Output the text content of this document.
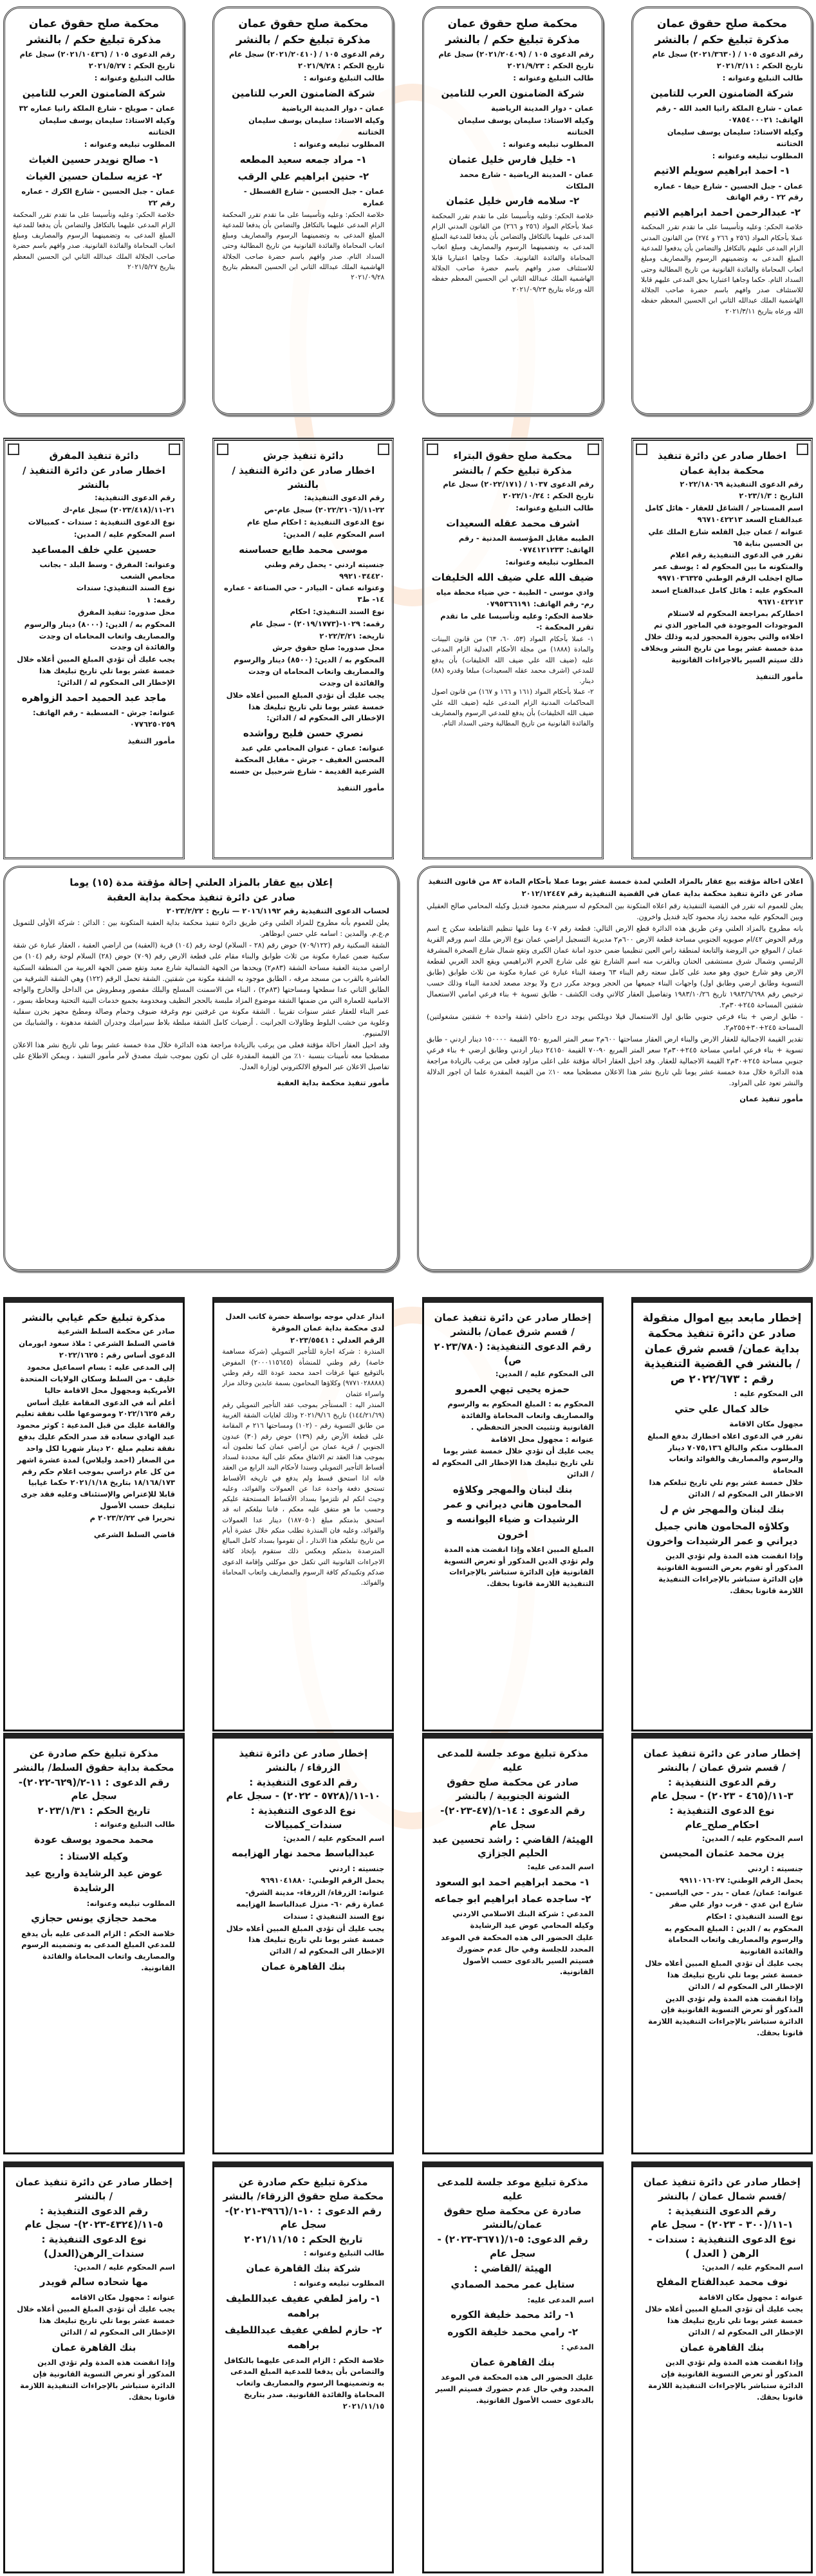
محكمة صلح حقوق عمان
مذكرة تبليغ حكم / بالنشر
رقم الدعوى ١٠٥ / (٢٠٢١/٣٦٣٠) سجل عام
تاريخ الحكم : ٢٠٢١/٣/١١
طالب التبليغ وعنوانه :
شركة الضامنون العرب للتامين
عمان - شارع الملكة رانيا العبد الله - رقم الهاتف: ٠٧٨٥٤٠٠٠٢١
وكيله الاستاذ: سليمان يوسف سليمان الختاتنه
المطلوب تبليغه وعنوانه :
١- احمد ابراهيم سويلم الاتيم
عمان - جبل الحسين - شارع حيفا - عماره رقم ٢٢ - رقم الهاتف
٢- عبدالرحمن احمد ابراهيم الاتيم
خلاصة الحكم: وعليه وتأسيسا على ما تقدم تقرر المحكمة عملا بأحكام المواد (٢٥٦ و ٢٦٦ و ٢٧٤) من القانون المدني الزام المدعى عليهم بالتكافل والتضامن بأن يدفعوا للمدعية المبلغ المدعى به وتضمينهم الرسوم والمصاريف ومبلغ اتعاب المحاماة والفائدة القانونية من تاريخ المطالبة وحتى السداد التام. حكما وجاهيا اعتباريا بحق المدعى عليهم قابلا للاستئناف صدر وافهم باسم حضرة صاحب الجلالة الهاشمية الملك عبدالله الثاني ابن الحسين المعظم حفظه الله ورعاه بتاريخ ٢٠٢١/٣/١١
محكمة صلح حقوق عمان
مذكرة تبليغ حكم / بالنشر
رقم الدعوى ١٠٥ / (٢٠٢١/٢٠٤٠٩) سجل عام
تاريخ الحكم : ٢٠٢١/٩/٢٣
طالب التبليغ وعنوانه :
شركة الضامنون العرب للتامين
عمان - دوار المدينة الرياضية
وكيله الاستاذ: سليمان يوسف سليمان الختاتنه
المطلوب تبليغه وعنوانه :
١- خليل فارس خليل عثمان
عمان - المدينة الرياضية - شارع محمد الملكاث
٢- سلامه فارس خليل عثمان
خلاصة الحكم: وعليه وتأسيسا على ما تقدم تقرر المحكمة عملا بأحكام المواد (٢٥٦ و ٢٦٦) من القانون المدني الزام المدعى عليهما بالتكافل والتضامن بأن يدفعا للمدعية المبلغ المدعى به وتضمينهما الرسوم والمصاريف ومبلغ اتعاب المحاماة والفائدة القانونية. حكما وجاهيا اعتباريا قابلا للاستئناف صدر وافهم باسم حضرة صاحب الجلالة الهاشمية الملك عبدالله الثاني ابن الحسين المعظم حفظه الله ورعاه بتاريخ ٢٠٢١/٠٩/٢٣
محكمة صلح حقوق عمان
مذكرة تبليغ حكم / بالنشر
رقم الدعوى ١٠٥ / (٢٠٢١/٢٠٤١٠) سجل عام
تاريخ الحكم : ٢٠٢١/٩/٢٨
طالب التبليغ وعنوانه :
شركة الضامنون العرب للتامين
عمان - دوار المدينة الرياضية
وكيله الاستاذ: سليمان يوسف سليمان الختاتنه
المطلوب تبليغه وعنوانه :
١- مراد جمعه سعيد المطعه
٢- حنين ابراهيم علي الرقب
عمان - جبل الحسين - شارع القسطل - عماره
خلاصة الحكم: وعليه وتأسيسا على ما تقدم تقرر المحكمة الزام المدعى عليهما بالتكافل والتضامن بأن يدفعا للمدعية المبلغ المدعى به وتضمينهما الرسوم والمصاريف ومبلغ اتعاب المحاماة والفائدة القانونية من تاريخ المطالبة وحتى السداد التام. صدر وافهم باسم حضرة صاحب الجلالة الهاشمية الملك عبدالله الثاني ابن الحسين المعظم بتاريخ ٢٠٢١/٠٩/٢٨
محكمة صلح حقوق عمان
مذكرة تبليغ حكم / بالنشر
رقم الدعوى ١٠٥ / (٢٠٢١/١٠٤٣٦) سجل عام
تاريخ الحكم : ٢٠٢١/٥/٢٧
طالب التبليغ وعنوانه :
شركة الضامنون العرب للتامين
عمان - صويلح - شارع الملكة رانيا عماره ٣٢
وكيله الاستاذ: سليمان يوسف سليمان الختاتنه
المطلوب تبليغه وعنوانه :
١- صالح نويدر حسين الغياث
٢- عزيه سلمان حسين الغياث
عمان - جبل الحسين - شارع الكرك - عماره رقم ٢٢
خلاصة الحكم: وعليه وتأسيسا على ما تقدم تقرر المحكمة الزام المدعى عليهما بالتكافل والتضامن بأن يدفعا للمدعية المبلغ المدعى به وتضمينهما الرسوم والمصاريف ومبلغ اتعاب المحاماة والفائدة القانونية. صدر وافهم باسم حضرة صاحب الجلالة الملك عبدالله الثاني ابن الحسين المعظم بتاريخ ٢٠٢١/٥/٢٧
اخطار صادر عن دائرة تنفيذ
محكمة بداية عمان
رقم الدعوى التنفيذية ٢٠٢٢/١٨٠٦٩
التاريخ : ٢٠٢٣/١/٣
اسم المستاجر / الشاغل للعقار - هائل كامل عبدالفتاح السعد ٩٦٧١٠٤٢٢١٣
عنوانه / عمان جبل القلعه شارع الملك علي بن الحسين بناية ٦٥
تقرر في الدعوى التنفيذية رقم اعلام والمتكونه ما بين المحكوم له : يوسف عمر صالح اجخلب الرقم الوطني ٩٩٧١٠٣٦٣٢٥
المحكوم عليه : هائل كامل عبدالفتاح اسعد ٩٦٧١٠٤٢٢١٣
اخطاركم بمراجعة المحكوم له لاستلام الموجودات الموجودة في الماجور الذي تم اخلاءه والتي بحوزة المحجوز لديه وذلك خلال مدة خمسة عشر يوما من تاريخ النشر وبخلاف ذلك سيتم السير بالاجراءات القانونية
مأمور التنفيذ
محكمة صلح حقوق البتراء
مذكرة تبليغ حكم / بالنشر
رقم الدعوى ١٠٣٧ / (٢٠٢٢/١٧١) سجل عام
تاريخ الحكم : ٢٠٢٢/١٠/٢٤
طالب التبليغ وعنوانه:
اشرف محمد عقله السعيدات
الطيبه مقابل المؤسسة المدنية - رقم الهاتف: ٠٧٧٤١٢١٢٣٣
المطلوب تبليغه وعنوانه:
ضيف الله علي ضيف الله الخليفات
وادي موسى - الطيبة - حي ضياء محطة مياه رم- رقم الهاتف: ٠٧٩٥٣٦٦١٩١
خلاصة الحكم: وعليه وتأسيسا على ما تقدم تقرر المحكمة :-
١- عملا بأحكام المواد (٥٣، ٦٠، ٦٣) من قانون البينات والمادة (١٨٨٨) من مجلة الأحكام العدلية الزام المدعى عليه (ضيف الله علي ضيف الله الخليفات) بأن يدفع للمدعي (اشرف محمد عقله السعيدات) مبلغا وقدره (٨٨) دينار.
٢- عملا بأحكام المواد (١٦١ و ١٦٦ و ١٦٧) من قانون اصول المحاكمات المدنية الزام المدعى عليه (ضيف الله علي ضيف الله الخليفات) بأن يدفع للمدعي الرسوم والمصاريف والفائدة القانونية من تاريخ المطالبة وحتى السداد التام.
دائرة تنفيذ جرش
اخطار صادر عن دائرة التنفيذ / بالنشر
رقم الدعوى التنفيذية:
٢٢-١١/(٢٠٢٢/٢١٠٦) سجل عام-ص
نوع الدعوى التنفيذية : احكام صلح عام
اسم المحكوم عليه / المدين:
موسى محمد طايع حساسنه
جنسيته اردني - يحمل رقم وطني ٩٩٢١٠٣٤٤٢٠
وعنوانه عمان - البيادر - حي الصناعة - عماره ١٤- ط٣
نوع السند التنفيذي: احكام
رقمه: ١٠٢٩-(٢٠١٩/١٧٧٣) - سجل عام
تاريخه: ٢٠٢٢/٣/٢١
محل صدوره: صلح حقوق جرش
المحكوم به / الدين: (٨٥٠٠) دينار والرسوم والمصاريف واتعاب المحاماه ان وجدت والفائدة ان وجدت
يجب عليك أن تؤدي المبلغ المبين أعلاه خلال خمسة عشر يوما تلي تاريخ تبليغك هذا الإخطار الى المحكوم له / الدائن:
نصري حسن فليح رواشده
عنوانه: عمان - عنوان المحامي علي عبد المحسن العفيف - جرش - مقابل المحكمة الشرعية القديمة - شارع شرحبيل بن حسنه
مأمور التنفيذ
دائرة تنفيذ المفرق
اخطار صادر عن دائرة التنفيذ / بالنشر
رقم الدعوى التنفيذية:
٢١-١١/(٢٠٢٣/٤١٨) سجل عام-ك
نوع الدعوى التنفيذية : سندات - كمبيالات
اسم المحكوم عليه / المدين:
حسين علي خلف المساعيد
وعنوانه: المفرق - وسط البلد - بجانب محامص الشعب
نوع السند التنفيذي: سندات
رقمه: ١
محل صدوره: تنفيذ المفرق
المحكوم به / الدين: (٨٠٠٠) دينار والرسوم والمصاريف واتعاب المحاماه ان وجدت والفائدة ان وجدت
يجب عليك أن تؤدي المبلغ المبين أعلاه خلال خمسة عشر يوما تلي تاريخ تبليغك هذا الإخطار الى المحكوم له / الدائن:
ماجد عبد الحميد احمد الزواهره
عنوانه: جرش - المسطبة - رقم الهاتف: ٠٧٧٦٢٥٠٢٥٩
مأمور التنفيذ
اعلان احالة مؤقته بيع عقار بالمزاد العلني لمدة خمسة عشر يوما عملا بأحكام المادة ٨٣ من قانون التنفيذ
صادر عن دائرة تنفيذ محكمة بداية عمان في القضية التنفيذية رقم ٢٠١٢/١٢٤٤٧
يعلن للعموم انه تقرر في القضية التنفيذية رقم اعلاه المتكونة بين المحكوم له سيرهيثم محمود قنديل وكيله المحامي صالح العقيلي وبين المحكوم عليه محمد زياد محمود كايد قنديل واخرون.
بانه مطروح بالمزاد العلني وعن طريق هذه الدائرة قطع الارض التالي: قطعة رقم ٤٠٧ وما عليها تنظيم التقاطعة سكن ج اسم ورقم الحوض ٤٢/ام صويويه الجنوبي مساحة قطعة الارض ٦٠٠م٢ مديرية التسجيل اراضي عمان نوع الارض ملك اسم ورقم القرية عمان / الموقع حي الروضة والتابعة لمنطقة راس العين تنظيميا ضمن حدود امانة عمان الكبرى وتقع شمال شارع الصخرة المشرفة الرئيسي وشمال شرق مستشفى الحنان وبالقرب منه اسم الشارع تقع على شارع الحرم الابراهيمي ويقع الحد الغربي لقطعة الارض وهو شارع حيوي وهو معبد على كامل سعته رقم البناء ٦٣ وصفة البناء عبارة عن عمارة مكونة من ثلاث طوابق (طابق التسوية وطابق ارضي وطابق اول) واجهات البناء جميعها من الحجر ويوجد مكرر درج ولا يوجد مصعد لخدمة البناء وذلك حسب ترخيص رقم ١٩٨٣/٦/٦٩٨ تاريخ ١٩٨٣/١٠/٢٦ وتفاصيل العقار كالاتي وقت الكشف - طابق تسوية + بناء فرعي امامي الاستعمال شقتين المساحة ٢٤٥+٣٠م٢.
- طابق ارضي + بناء فرعي جنوبي طابق اول الاستعمال فيلا دوبلكس يوجد درج داخلي (شقة واحدة + شقتين مشغولتين) المساحة ٢٤٥+٣٠+٢٥٥م٢.
تقدير القيمة الاجمالية للعقار الارض والبناء ارض العقار مساحتها ٦٠٠م٢ سعر المتر المربع ٢٥٠ القيمة ١٥٠٠٠٠ دينار اردني - طابق تسوية + بناء فرعي امامي مساحة ٢٤٥+٣٠م٢ سعر المتر المربع ٩٠-٧٠ القيمة ٢٤١٥٠ دينار اردني وطابق ارضي + بناء فرعي جنوبي مساحة ٢٤٥+٣٠م٢ القيمة الاجمالية للعقار. وقد احيل العقار احالة مؤقتة على اعلى مزاود فعلى من يرغب بالزيادة مراجعة هذه الدائرة خلال مدة خمسة عشر يوما تلي تاريخ نشر هذا الاعلان مصطحبا معه ١٠٪ من القيمة المقدرة علما ان اجور الدلالة والنشر تعود على المزاود.
مأمور تنفيذ عمان
إعلان بيع عقار بالمزاد العلني إحالة مؤقتة مدة (١٥) يوما
صادر عن دائرة تنفيذ محكمة بداية العقبة
لحساب الدعوى التنفيذية رقم ٢٠١٦/١١٩٢ — تاريخ : ٢٠٢٣/٢/٢٢
يعلن للعموم بأنه مطروح للمزاد العلني وعن طريق دائرة تنفيذ محكمة بداية العقبة المتكونة بين : الدائن : شركة الأولى للتمويل م.ع.م. والمدين : اسامه علي حسن ابوظاهر.
الشقة السكنية رقم (٧٠٩/١٢٢) حوض رقم (٢٨ - السلام) لوحة رقم (١٠٤) قرية (العقبة) من اراضي العقبة ، العقار عبارة عن شقة سكنية ضمن عمارة مكونة من ثلاث طوابق والبناء مقام على قطعة الارض رقم (٧٠٩) حوض (٢٨) السلام لوحة رقم (١٠٤) من اراضي مدينة العقبة مساحة الشقة (٨٣م٢) ويحدها من الجهة الشمالية شارع معبد وتقع ضمن الجهة الغربية من المنطقة السكنية العاشرة بالقرب من مسجد مرقه ، الطابق موجود به الشقة مكونة من شقتين. الشقة تحمل الرقم (١٢٢) وهي الشقة الشرقية من الطابق الثاني عدا سطحها ومساحتها (٨٣م٢) ، البناء من الاسمنت المسلح والبلك مقصور ومطروش من الداخل والخارج والواجه الامامية للعمارة التي من ضمنها الشقة موضوع المزاد ملبسة بالحجر النظيف ومخدومة بجميع خدمات البنية التحتية ومحاطة بسور ، عمر البناء للعقار عشر سنوات تقريبا . الشقة مكونة من غرفتين نوم وغرفة ضيوف وحمام وصالة ومطبخ مجهز بخزن سفلية وعلوية من خشب البلوط وطاولات الجرانيت . أرضيات كامل الشقة مبلطة بلاط سيراميك وجدران الشقة مدهونة ، والشبابيك من الالمنيوم.
وقد احيل العقار احالة مؤقتة فعلى من يرغب بالزيادة مراجعة هذه الدائرة خلال مدة خمسة عشر يوما تلي تاريخ نشر هذا الاعلان مصطحبا معه تأمينات بنسبة ١٠٪ من القيمة المقدرة على ان تكون بموجب شيك مصدق لأمر مأمور التنفيذ ، ويمكن الاطلاع على تفاصيل الاعلان عبر الموقع الالكتروني لوزارة العدل.
مأمور تنفيذ محكمة بداية العقبة
إخطار مابعد بيع اموال منقولة صادر عن دائرة تنفيذ محكمة بداية عمان/ قسم شرق عمان / بالنشر في القضية التنفيذية رقم : ٢٠٢٢/٦٧٣ ص
الى المحكوم عليه :
خالد كمال علي حتي
مجهول مكان الاقامة
تقرر في الدعوى اعلاه اخطارك بدفع المبلغ المطلوب منكم والبالغ ٧٠٧٥,١٣٦ دينار والرسوم والمصاريف والفوائد واتعاب المحاماة
خلال خمسة عشر يوم تلي تاريخ تبلغكم هذا الاخطار الى المحكوم له / الدائن
بنك لبنان والمهجر ش م ل
وكلاؤه المحامون هاني جميل ديراني و عمر الرشيدات واخرون
وإذا انقضت هذه المدة ولم تؤدي الدين المذكور أو تقوم بعرض التسوية القانونية فإن الدائرة ستباشر بالإجراءات التنفيذية اللازمة قانونا بحقك.
إخطار صادر عن دائرة تنفيذ عمان / قسم شرق عمان/ بالنشر
رقم الدعوى التنفيذية: (٢٠٢٣/٧٨٠ ص)
الى المحكوم عليه / المدين:
حمزه يحيى تيهي العمرو
المحكوم به : المبلغ المحكوم به والرسوم والمصاريف واتعاب المحاماة والفائدة القانونية وتثبيت الحجز التحفظي .
عنوانه : مجهول محل الاقامة
يجب عليك أن تؤدي خلال خمسة عشر يوما تلي تاريخ تبليغك هذا الإخطار الى المحكوم له / الدائن
بنك لبنان والمهجر وكلاؤه المحامون هاني ديراني و عمر الرشيدات و ضياء اليوانسه و اخرون
المبلغ المبين اعلاه وإذا انقضت هذه المدة ولم تؤدي الدين المذكور أو تعرض التسوية القانونية فإن الدائرة ستباشر بالإجراءات التنفيذية اللازمة قانونا بحقك.
انذار عدلي موجه بواسطة حضرة كاتب العدل لدى محكمة بداية عمان الموقرة
الرقم العدلي : ٢٠٢٣/٥٥٤١
المنذرة : شركة اجارة للتأجير التمويلي (شركة مساهمة خاصة) رقم وطني للمنشأة (٢٠٠٠١١٥٦٤٥) المفوض بالتوقيع عنها عرفات احمد محمد عودة الله رقم وطني (٩٧٧١٠٢٨٨٨٨) وكلاؤها المحامون بسمة عابدين وخالد مزار واسراء عثمان
المنذر اليه : المستأجر بموجب عقد التأجير التمويلي رقم (١٤٤/٢١/٦٩) تاريخ ٢٠٢١/٩/١٦ وذلك لغايات الشقة الغربية من طابق التسوية رقم - (١٠٢) ومساحتها ٢١٦ م المقامة على قطعة الأرض رقم (١٣٩) حوض رقم (٣٠) عبدون الجنوبي / قرية عمان من أراضي عمان كما تعلمون أنه بموجب هذا العقد تم الاتفاق معكم على آلية محددة لسداد أقساط التأجير التمويلي وسندا لأحكام البند الرابع من العقد فانه اذا استحق قسط ولم يدفع في تاريخه الأقساط تستحق دفعة واحدة عدا عن العمولات والفوائد، وعليه وحيث انكم لم تلتزموا بسداد الأقساط المستحقة عليكم وحسب ما هو متفق عليه معكم ، فاننا نبلغكم انه قد استحق بذمتكم مبلغ (١٨٧٠٥٠) دينار عدا العمولات والفوائد، وعليه فان المنذرة تطلب منكم خلال عشرة أيام من تاريخ تبلغكم هذا الانذار ، أن تقوموا بسداد كامل المبالغ المترصدة بذمتكم وبعكس ذلك ستقوم بإتخاذ كافة الاجراءات القانونية التي تكفل حق موكلتي وإقامة الدعوى ضدكم وتكبيدكم كافة الرسوم والمصاريف واتعاب المحاماة والفوائد.
مذكرة تبليغ حكم غيابي بالنشر
صادر عن محكمة السلط الشرعية
قاضي السلط الشرعي : ملاذ سعود ابورمان
الدعوى أساس رقم : ٢٠٢٢/١٦٢٥
إلى المدعى عليه : بسام اسماعيل محمود خليف - من السلط وسكان الولايات المتحدة الأمريكية ومجهول محل الاقامة حاليا
أعلم أنه في الدعوى المقامة عليك أساس رقم ٢٠٢٢/١٦٢٥ وموضوعها طلب نفقة تعليم والقامة عليك من قبل المدعية : كوثر محمود عبد الهادي سعاده قد صدر الحكم عليك بدفع نفقة تعليم مبلغ ٢٠ دينار شهريا لكل واحد من الصغار (احمد وليلاس) لمدة عشرة اشهر من كل عام دراسي بموجب اعلام حكم رقم ١٨/١٦٨/١٧٣ بتاريخ ٢٠٢١/١/١٨ حكما غيابيا قابلا للإعتراض والإستئناف وعليه فقد جرى تبليغك حسب الأصول
تحريرا في ٢٠٢٣/٢/٢٢ م
قاضي السلط الشرعي
إخطار صادر عن دائرة تنفيذ عمان / قسم شرق عمان / بالنشر
رقم الدعوى التنفيذية : ٣-١١/(٤٦٥ - ٢٠٢٣) - سجل عام
نوع الدعوى التنفيذية : احكام_صلح_عام
اسم المحكوم عليه / المدين:
يزن محمد عثمان المحيسن
جنسيته : اردني
يحمل الرقم الوطني: ٩٩١١٠١٦٠٢٧
عنوانه: عمان/ عمان - بدر - حي الياسمين - شارع ابن عدي - قرب دوار علي صقر
نوع السند التنفيذي : احكام
المحكوم به / الدين : المبلغ المحكوم به والرسوم والمصاريف واتعاب المحاماة والفائدة القانونية
يجب عليك أن تؤدي المبلغ المبين أعلاه خلال خمسة عشر يوما تلي تاريخ تبليغك هذا الإخطار الى المحكوم له / الدائن
وإذا انقضت هذه المدة ولم تؤدي الدين المذكور أو تعرض التسوية القانونية فإن الدائرة ستباشر بالإجراءات التنفيذية اللازمة قانونا بحقك.
مذكرة تبليغ موعد جلسة للمدعى عليه
صادر عن محكمة صلح حقوق الشونة الجنوبية / بالنشر
رقم الدعوى : ١٤-١/(٤٧-٢٠٢٣)- سجل عام
الهيئة/ القاضي : راشد تحسين عبد الحليم الجزازي
اسم المدعى عليه:
١- محمد ابراهيم احمد ابو السعود
٢- ساجده عماد ابراهيم ابو جماعه
المدعي : شركة البنك الاسلامي الاردني وكيله المحامي عوض عيد الرشايدة
عليك الحضور الى هذه المحكمة في الموعد المحدد للجلسة وفي حال عدم حضورك فسيتم السير بالدعوى حسب الأصول القانونية.
إخطار صادر عن دائرة تنفيذ الزرقاء / بالنشر
رقم الدعوى التنفيذية : ١٠-١١/(٥٧٢٨ - ٢٠٢٢) - سجل عام
نوع الدعوى التنفيذية : سندات_كمبيالات
اسم المحكوم عليه / المدين:
عبدالباسط محمد نهار الهزايمه
جنسيته : اردني
يحمل الرقم الوطني: ٩٦٩١٠٤١٨٨٠
عنوانه: الزرقاء/ الزرقاء- مدينة الشرق- عمارة رقم ٦٠- منزل عبدالباسط الهزايمه
نوع السند التنفيذي : سندات
يجب عليك أن تؤدي المبلغ المبين أعلاه خلال خمسة عشر يوما تلي تاريخ تبليغك هذا الإخطار الى المحكوم له / الدائن
بنك القاهرة عمان
مذكرة تبليغ حكم صادرة عن محكمة بداية حقوق السلط/ بالنشر
رقم الدعوى : ١١-٢/(٦٢٩-٢٠٢٢)- سجل عام
تاريخ الحكم : ٢٠٢٣/١/٣١
طالب التبليغ وعنوانه :
محمد محمود يوسف عودة
وكيله الاستاذ :
عوض عيد الرشايدة واريج عيد الرشايدة
المطلوب تبليغه وعنوانه:
محمد حجازي يونس حجازي
خلاصة الحكم : الزام المدعى عليه بأن يدفع للمدعي المبلغ المدعى به وتضمينه الرسوم والمصاريف واتعاب المحاماة والفائدة القانونية.
إخطار صادر عن دائرة تنفيذ عمان /قسم شمال عمان / بالنشر
رقم الدعوى التنفيذية : ١-١١/(٣٠٠ - ٢٠٢٣) - سجل عام
نوع الدعوى التنفيذية : سندات - الرهن ( العدل )
اسم المحكوم عليه / المدين:
نوف محمد عبدالفتاح المفلح
عنوانه : مجهول مكان الاقامة
يجب عليك أن تؤدي المبلغ المبين أعلاه خلال خمسة عشر يوما تلي تاريخ تبليغك هذا الإخطار الى المحكوم له / الدائن
بنك القاهرة عمان
وإذا انقضت هذه المدة ولم تؤدي الدين المذكور أو تعرض التسوية القانونية فإن الدائرة ستباشر بالإجراءات التنفيذية اللازمة قانونا بحقك.
مذكرة تبليغ موعد جلسة للمدعى عليه
صادرة عن محكمة صلح حقوق عمان/بالنشر
رقم الدعوى: ٥-١/(٣٦٧١-٢٠٢٣) - سجل عام
الهيئة /القاضي :
ستايل عمر محمد الصمادي
اسم المدعى عليه:
١- رائد محمد خليفة الكوره
٢- رامي محمد خليفة الكوره
المدعي :
بنك القاهرة عمان
عليك الحضور الى هذه المحكمة في الموعد المحدد وفي حال عدم حضورك فسيتم السير بالدعوى حسب الأصول القانونية.
مذكرة تبليغ حكم صادرة عن محكمة صلح حقوق الزرقاء/ بالنشر
رقم الدعوى : ١٠-١/(٣٩٦٦-٢٠٢١)-سجل عام
تاريخ الحكم : ٢٠٢١/١١/١٥
طالب التبليغ وعنوانه :
شركة بنك القاهرة عمان
المطلوب تبليغه وعنوانه :
١- رامز لطفي عفيف عبداللطيف براهمه
٢- حازم لطفي عفيف عبداللطيف براهمه
خلاصة الحكم : الزام المدعى عليهما بالتكافل والتضامن بأن يدفعا للمدعية المبلغ المدعى به وتضمينهما الرسوم والمصاريف واتعاب المحاماة والفائدة القانونية. صدر بتاريخ ٢٠٢١/١١/١٥
إخطار صادر عن دائرة تنفيذ عمان / بالنشر
رقم الدعوى التنفيذية : ٥-١١/(٤٣٢٤-٢٠٢٣)- سجل عام
نوع الدعوى التنفيذية : سندات_الرهن(العدل)
اسم المحكوم عليه / المدين:
مها شحاده سالم قويدر
عنوانه : مجهول مكان الاقامه
يجب عليك أن تؤدي المبلغ المبين أعلاه خلال خمسة عشر يوما تلي تاريخ تبليغك هذا الإخطار الى المحكوم له / الدائن
بنك القاهرة عمان
وإذا انقضت هذه المدة ولم تؤدي الدين المذكور أو تعرض التسوية القانونية فإن الدائرة ستباشر بالإجراءات التنفيذية اللازمة قانونا بحقك.
